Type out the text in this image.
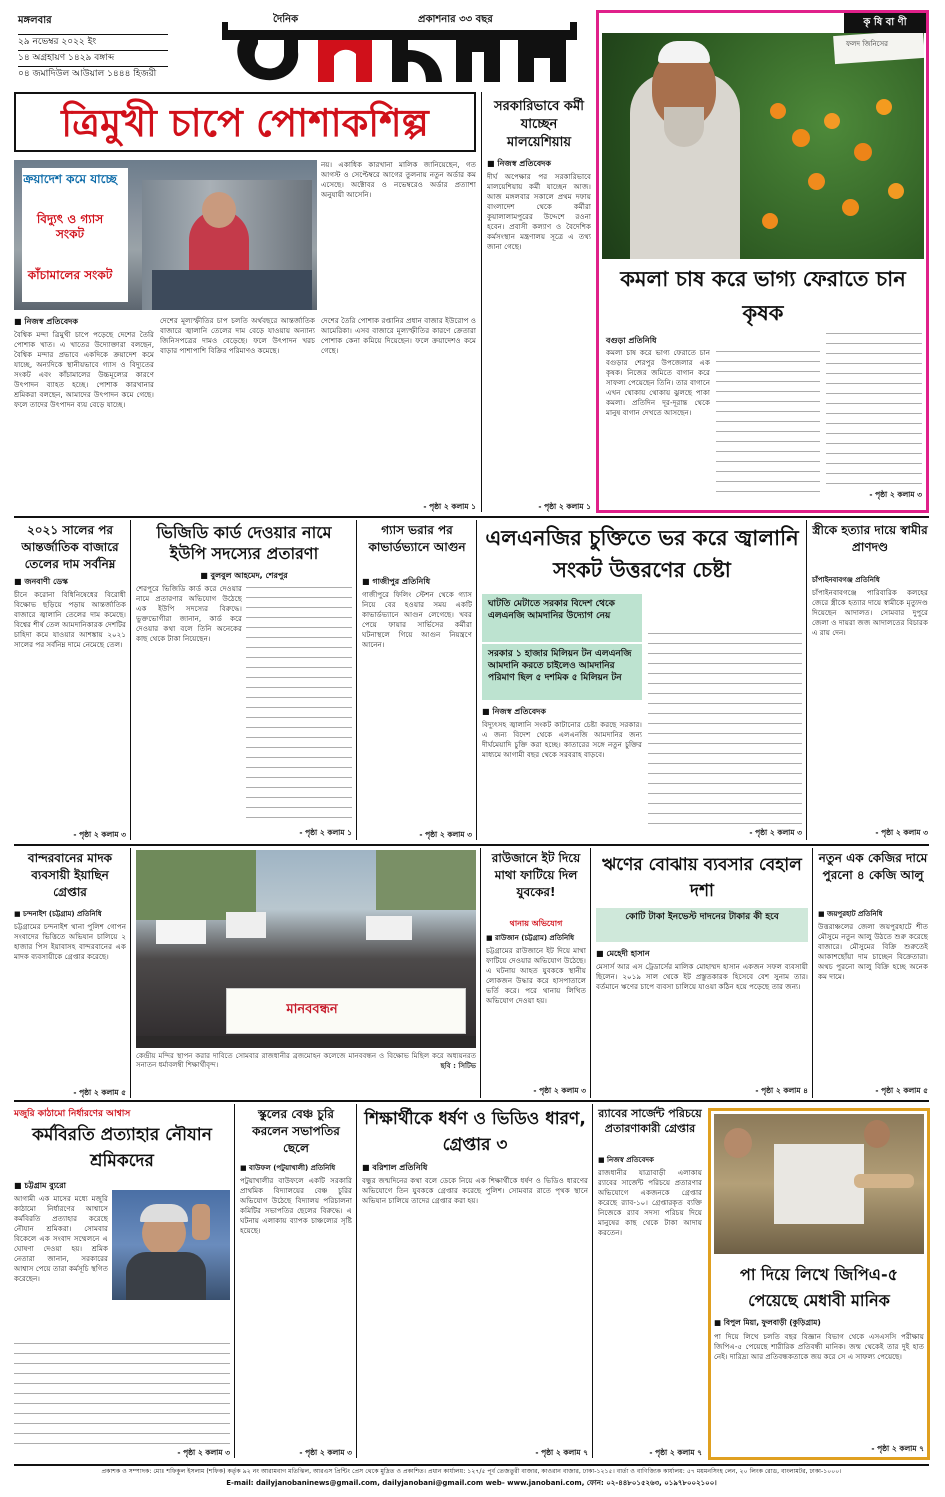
মঙ্গলবার
২৯ নভেম্বর ২০২২ ইং
১৪ অগ্রহায়ণ ১৪২৯ বঙ্গাব্দ
০৪ জমাদিউল আউয়াল ১৪৪৪ হিজরী
দৈনিক	প্রকাশনার ৩৩ বছর	কৃ ষি বা ণী
ত্রিমুখী চাপে পোশাকশিল্প
ক্রয়াদেশ কমে যাচ্ছে
বিদ্যুৎ ও গ্যাস সংকট
কাঁচামালের সংকট
■ নিজস্ব প্রতিবেদক
বৈশ্বিক মন্দা ত্রিমুখী চাপে পড়েছে দেশের তৈরি পোশাক খাত। এ খাতের উদ্যোক্তারা বলছেন, বৈশ্বিক মন্দার প্রভাবে একদিকে ক্রয়াদেশ কমে যাচ্ছে, অন্যদিকে স্থানীয়ভাবে গ্যাস ও বিদ্যুতের সংকট এবং কাঁচামালের উচ্চমূল্যের কারণে উৎপাদন ব্যাহত হচ্ছে। পোশাক কারখানার শ্রমিকরা বলছেন, আমাদের উৎপাদন কমে গেছে। ফলে তাদের উৎপাদন ব্যয় বেড়ে যাচ্ছে।
দেশের মূল্যস্ফীতির চাপ চলতি অর্থবছরে আন্তর্জাতিক বাজারে জ্বালানি তেলের দাম বেড়ে যাওয়ায় অন্যান্য জিনিসপত্রের দামও বেড়েছে। ফলে উৎপাদন খরচ বাড়ার পাশাপাশি বিক্রির পরিমাণও কমেছে।
নয়। একাধিক কারখানা মালিক জানিয়েছেন, গত আগস্ট ও সেপ্টেম্বরে আগের তুলনায় নতুন অর্ডার কম এসেছে। অক্টোবর ও নভেম্বরেও অর্ডার প্রত্যাশা অনুযায়ী আসেনি।
দেশের তৈরি পোশাক রপ্তানির প্রধান বাজার ইউরোপ ও আমেরিকা। এসব বাজারে মূল্যস্ফীতির কারণে ক্রেতারা পোশাক কেনা কমিয়ে দিয়েছেন। ফলে ক্রয়াদেশও কমে গেছে।
- পৃষ্ঠা ২ কলাম ১
সরকারিভাবে কর্মী যাচ্ছেন মালয়েশিয়ায়
■ নিজস্ব প্রতিবেদক
দীর্ঘ অপেক্ষার পর সরকারিভাবে মালয়েশিয়ায় কর্মী যাচ্ছেন আজ। আজ মঙ্গলবার সকালে প্রথম দফায় বাংলাদেশ থেকে কর্মীরা কুয়ালালামপুরের উদ্দেশে রওনা হবেন। প্রবাসী কল্যাণ ও বৈদেশিক কর্মসংস্থান মন্ত্রণালয় সূত্রে এ তথ্য জানা গেছে।
- পৃষ্ঠা ২ কলাম ১
ফলদ জিনিসের
কমলা চাষ করে ভাগ্য ফেরাতে চান কৃষক
বগুড়া প্রতিনিধি
কমলা চাষ করে ভাগ্য ফেরাতে চান বগুড়ার শেরপুর উপজেলার এক কৃষক। নিজের জমিতে বাগান করে সাফল্য পেয়েছেন তিনি। তার বাগানে এখন থোকায় থোকায় ঝুলছে পাকা কমলা। প্রতিদিন দূর-দূরান্ত থেকে মানুষ বাগান দেখতে আসছেন।
- পৃষ্ঠা ২ কলাম ৩
২০২১ সালের পর আন্তর্জাতিক বাজারে তেলের দাম সর্বনিম্ন
■ জনবাণী ডেস্ক
চীনে করোনা বিধিনিষেধের বিরোধী বিক্ষোভ ছড়িয়ে পড়ায় আন্তর্জাতিক বাজারে জ্বালানি তেলের দাম কমেছে। বিশ্বের শীর্ষ তেল আমদানিকারক দেশটির চাহিদা কমে যাওয়ার আশঙ্কায় ২০২১ সালের পর সর্বনিম্ন দামে নেমেছে তেল।
- পৃষ্ঠা ২ কলাম ৩
ভিজিডি কার্ড দেওয়ার নামে ইউপি সদস্যের প্রতারণা
■ বুলবুল আহমেদ, শেরপুর
শেরপুরে ভিজিডি কার্ড করে দেওয়ার নামে প্রতারণার অভিযোগ উঠেছে এক ইউপি সদস্যের বিরুদ্ধে। ভুক্তভোগীরা জানান, কার্ড করে দেওয়ার কথা বলে তিনি অনেকের কাছ থেকে টাকা নিয়েছেন।
- পৃষ্ঠা ২ কলাম ১
গ্যাস ভরার পর কাভার্ডভ্যানে আগুন
■ গাজীপুর প্রতিনিধি
গাজীপুরে ফিলিং স্টেশন থেকে গ্যাস নিয়ে বের হওয়ার সময় একটি কাভার্ডভ্যানে আগুন লেগেছে। খবর পেয়ে ফায়ার সার্ভিসের কর্মীরা ঘটনাস্থলে গিয়ে আগুন নিয়ন্ত্রণে আনেন।
- পৃষ্ঠা ২ কলাম ৩
এলএনজির চুক্তিতে ভর করে জ্বালানি সংকট উত্তরণের চেষ্টা
ঘাটতি মেটাতে সরকার বিদেশ থেকে এলএনজি আমদানির উদ্যোগ নেয়
সরকার ১ হাজার মিলিয়ন টন এলএনজি আমদানি করতে চাইলেও আমদানির পরিমাণ ছিল ৫ দশমিক ৫ মিলিয়ন টন
■ নিজস্ব প্রতিবেদক
বিদ্যুৎসহ জ্বালানি সংকট কাটানোর চেষ্টা করছে সরকার। এ জন্য বিদেশ থেকে এলএনজি আমদানির জন্য দীর্ঘমেয়াদি চুক্তি করা হচ্ছে। কাতারের সঙ্গে নতুন চুক্তির মাধ্যমে আগামী বছর থেকে সরবরাহ বাড়বে।
- পৃষ্ঠা ২ কলাম ৩
স্ত্রীকে হত্যার দায়ে স্বামীর প্রাণদণ্ড
চাঁপাইনবাবগঞ্জ প্রতিনিধি
চাঁপাইনবাবগঞ্জে পারিবারিক কলহের জেরে স্ত্রীকে হত্যার দায়ে স্বামীকে মৃত্যুদণ্ড দিয়েছেন আদালত। সোমবার দুপুরে জেলা ও দায়রা জজ আদালতের বিচারক এ রায় দেন।
- পৃষ্ঠা ২ কলাম ৩
বান্দরবানের মাদক ব্যবসায়ী ইয়াছিন গ্রেপ্তার
■ চন্দনাইশ (চট্টগ্রাম) প্রতিনিধি
চট্টগ্রামের চন্দনাইশ থানা পুলিশ গোপন সংবাদের ভিত্তিতে অভিযান চালিয়ে ২ হাজার পিস ইয়াবাসহ বান্দরবানের এক মাদক ব্যবসায়ীকে গ্রেপ্তার করেছে।
- পৃষ্ঠা ২ কলাম ৫
মানববন্ধন
কেন্দ্রীয় মন্দির স্থাপন করার দাবিতে সোমবার রাজধানীর ব্রজমোহন কলেজে মানববন্ধন ও বিক্ষোভ মিছিল করে অধ্যয়নরত সনাতন ধর্মাবলম্বী শিক্ষার্থীবৃন্দ।	ছবি : সিটিভ
রাউজানে ইট দিয়ে মাথা ফাটিয়ে দিল যুবকের!
থানায় অভিযোগ
■ রাউজান (চট্টগ্রাম) প্রতিনিধি
চট্টগ্রামের রাউজানে ইট দিয়ে মাথা ফাটিয়ে দেওয়ার অভিযোগ উঠেছে। এ ঘটনায় আহত যুবককে স্থানীয় লোকজন উদ্ধার করে হাসপাতালে ভর্তি করে। পরে থানায় লিখিত অভিযোগ দেওয়া হয়।
- পৃষ্ঠা ২ কলাম ৩
ঋণের বোঝায় ব্যবসার বেহাল দশা
কোটি টাকা ইনভেস্ট দাদনের টাকার কী হবে
■ মেহেদী হাসান
মেসার্স আর এস ট্রেডার্সের মালিক মোহাম্মদ হাসান একজন সফল ব্যবসায়ী ছিলেন। ২০১৯ সাল থেকে ইট প্রস্তুতকারক হিসেবে বেশ সুনাম তার। বর্তমানে ঋণের চাপে ব্যবসা চালিয়ে যাওয়া কঠিন হয়ে পড়েছে তার জন্য।
- পৃষ্ঠা ২ কলাম ৪
নতুন এক কেজির দামে পুরনো ৪ কেজি আলু
■ জয়পুরহাট প্রতিনিধি
উত্তরাঞ্চলের জেলা জয়পুরহাটে শীত মৌসুমে নতুন আলু উঠতে শুরু করেছে বাজারে। মৌসুমের বিক্রি শুরুতেই আকাশছোঁয়া দাম চাচ্ছেন বিক্রেতারা। অথচ পুরনো আলু বিক্রি হচ্ছে অনেক কম দামে।
- পৃষ্ঠা ২ কলাম ৫
মজুরি কাঠামো নির্ধারণের আশ্বাস
কর্মবিরতি প্রত্যাহার নৌযান শ্রমিকদের
■ চট্টগ্রাম ব্যুরো
আগামী এক মাসের মধ্যে মজুরি কাঠামো নির্ধারণের আশ্বাসে কর্মবিরতি প্রত্যাহার করেছে নৌযান শ্রমিকরা। সোমবার বিকেলে এক সংবাদ সম্মেলনে এ ঘোষণা দেওয়া হয়। শ্রমিক নেতারা জানান, সরকারের আশ্বাস পেয়ে তারা কর্মসূচি স্থগিত করেছেন।
- পৃষ্ঠা ২ কলাম ৩
স্কুলের বেঞ্চ চুরি করলেন সভাপতির ছেলে
■ বাউফল (পটুয়াখালী) প্রতিনিধি
পটুয়াখালীর বাউফলে একটি সরকারি প্রাথমিক বিদ্যালয়ের বেঞ্চ চুরির অভিযোগ উঠেছে বিদ্যালয় পরিচালনা কমিটির সভাপতির ছেলের বিরুদ্ধে। এ ঘটনায় এলাকায় ব্যাপক চাঞ্চল্যের সৃষ্টি হয়েছে।
- পৃষ্ঠা ২ কলাম ৩
শিক্ষার্থীকে ধর্ষণ ও ভিডিও ধারণ, গ্রেপ্তার ৩
■ বরিশাল প্রতিনিধি
বন্ধুর জন্মদিনের কথা বলে ডেকে নিয়ে এক শিক্ষার্থীকে ধর্ষণ ও ভিডিও ধারণের অভিযোগে তিন যুবককে গ্রেপ্তার করেছে পুলিশ। সোমবার রাতে পৃথক স্থানে অভিযান চালিয়ে তাদের গ্রেপ্তার করা হয়।
- পৃষ্ঠা ২ কলাম ৭
র‍্যাবের সার্জেন্ট পরিচয়ে প্রতারণাকারী গ্রেপ্তার
■ নিজস্ব প্রতিবেদক
রাজধানীর যাত্রাবাড়ী এলাকায় র‍্যাবের সার্জেন্ট পরিচয়ে প্রতারণার অভিযোগে একজনকে গ্রেপ্তার করেছে র‍্যাব-১০। গ্রেপ্তারকৃত ব্যক্তি নিজেকে র‍্যাব সদস্য পরিচয় দিয়ে মানুষের কাছ থেকে টাকা আদায় করতেন।
- পৃষ্ঠা ২ কলাম ৭
পা দিয়ে লিখে জিপিএ-৫ পেয়েছে মেধাবী মানিক
■ বিপুল মিয়া, ফুলবাড়ী (কুড়িগ্রাম)
পা দিয়ে লিখে চলতি বছর বিজ্ঞান বিভাগ থেকে এসএসসি পরীক্ষায় জিপিএ-৫ পেয়েছে শারীরিক প্রতিবন্ধী মানিক। জন্ম থেকেই তার দুই হাত নেই। দারিদ্র্য আর প্রতিবন্ধকতাকে জয় করে সে এ সাফল্য পেয়েছে।
- পৃষ্ঠা ২ কলাম ৭
প্রকাশক ও সম্পাদক: মোঃ শফিকুল ইসলাম (শফিক) কর্তৃক ৯২ নং আরামবাগ মতিঝিল, আরএস প্রিন্টিং প্রেস থেকে মুদ্রিত ও প্রকাশিত। প্রধান কার্যালয়: ১২৭/৫ পূর্ব তেজতুরী বাজার, কাওরান বাজার, ঢাকা-১২১৫। বার্তা ও বাণিজ্যিক কার্যালয়: ৫৭ ময়মনসিংহ লেন, ২০ লিংক রোড, বাংলামটর, ঢাকা-১০০০।
E-mail: dailyjanobaninews@gmail.com, dailyjanobani@gmail.com web- www.janobani.com, ফোন: ০২-৪৪৮০১৫২৬৩, ০১৯৭৮০০২১০০।
